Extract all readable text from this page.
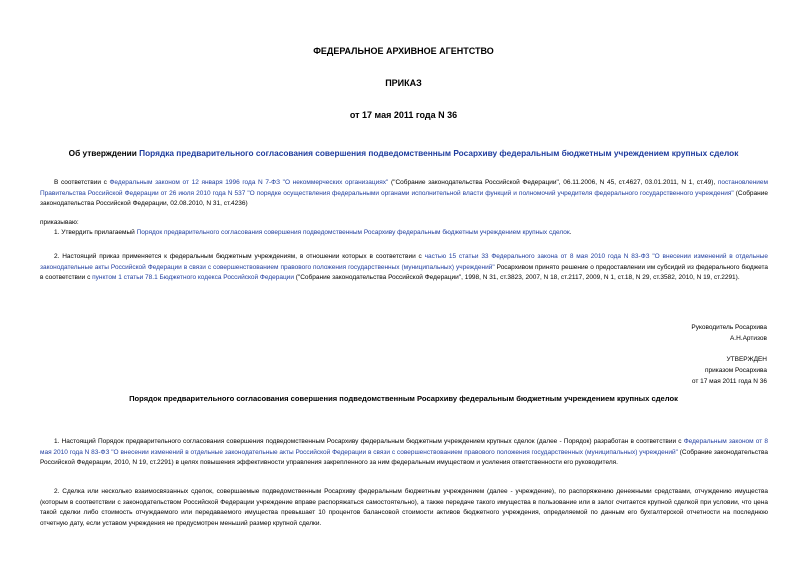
ФЕДЕРАЛЬНОЕ АРХИВНОЕ АГЕНТСТВО
ПРИКАЗ
от 17 мая 2011 года N 36
Об утверждении Порядка предварительного согласования совершения подведомственным Росархиву федеральным бюджетным учреждением крупных сделок
В соответствии с Федеральным законом от 12 января 1996 года N 7-ФЗ "О некоммерческих организациях" ("Собрание законодательства Российской Федерации", 06.11.2006, N 45, ст.4627, 03.01.2011, N 1, ст.49), постановлением Правительства Российской Федерации от 26 июля 2010 года N 537 "О порядке осуществления федеральными органами исполнительной власти функций и полномочий учредителя федерального государственного учреждения" (Собрание законодательства Российской Федерации, 02.08.2010, N 31, ст.4236)
приказываю:
1. Утвердить прилагаемый Порядок предварительного согласования совершения подведомственным Росархиву федеральным бюджетным учреждением крупных сделок.
2. Настоящий приказ применяется к федеральным бюджетным учреждениям, в отношении которых в соответствии с частью 15 статьи 33 Федерального закона от 8 мая 2010 года N 83-ФЗ "О внесении изменений в отдельные законодательные акты Российской Федерации в связи с совершенствованием правового положения государственных (муниципальных) учреждений" Росархивом принято решение о предоставлении им субсидий из федерального бюджета в соответствии с пунктом 1 статьи 78.1 Бюджетного кодекса Российской Федерации ("Собрание законодательства Российской Федерации", 1998, N 31, ст.3823, 2007, N 18, ст.2117, 2009, N 1, ст.18, N 29, ст.3582, 2010, N 19, ст.2291).
Руководитель Росархива
А.Н.Артизов
УТВЕРЖДЕН
приказом Росархива
от 17 мая 2011 года N 36
Порядок предварительного согласования совершения подведомственным Росархиву федеральным бюджетным учреждением крупных сделок
1. Настоящий Порядок предварительного согласования совершения подведомственным Росархиву федеральным бюджетным учреждением крупных сделок (далее - Порядок) разработан в соответствии с Федеральным законом от 8 мая 2010 года N 83-ФЗ "О внесении изменений в отдельные законодательные акты Российской Федерации в связи с совершенствованием правового положения государственных (муниципальных) учреждений" (Собрание законодательства Российской Федерации, 2010, N 19, ст.2291) в целях повышения эффективности управления закрепленного за ним федеральным имуществом и усиления ответственности его руководителя.
2. Сделка или несколько взаимосвязанных сделок, совершаемые подведомственным Росархиву федеральным бюджетным учреждением (далее - учреждение), по распоряжению денежными средствами, отчуждению имущества (которым в соответствии с законодательством Российской Федерации учреждение вправе распоряжаться самостоятельно), а также передаче такого имущества в пользование или в залог считается крупной сделкой при условии, что цена такой сделки либо стоимость отчуждаемого или передаваемого имущества превышает 10 процентов балансовой стоимости активов бюджетного учреждения, определяемой по данным его бухгалтерской отчетности на последнюю отчетную дату, если уставом учреждения не предусмотрен меньший размер крупной сделки.
